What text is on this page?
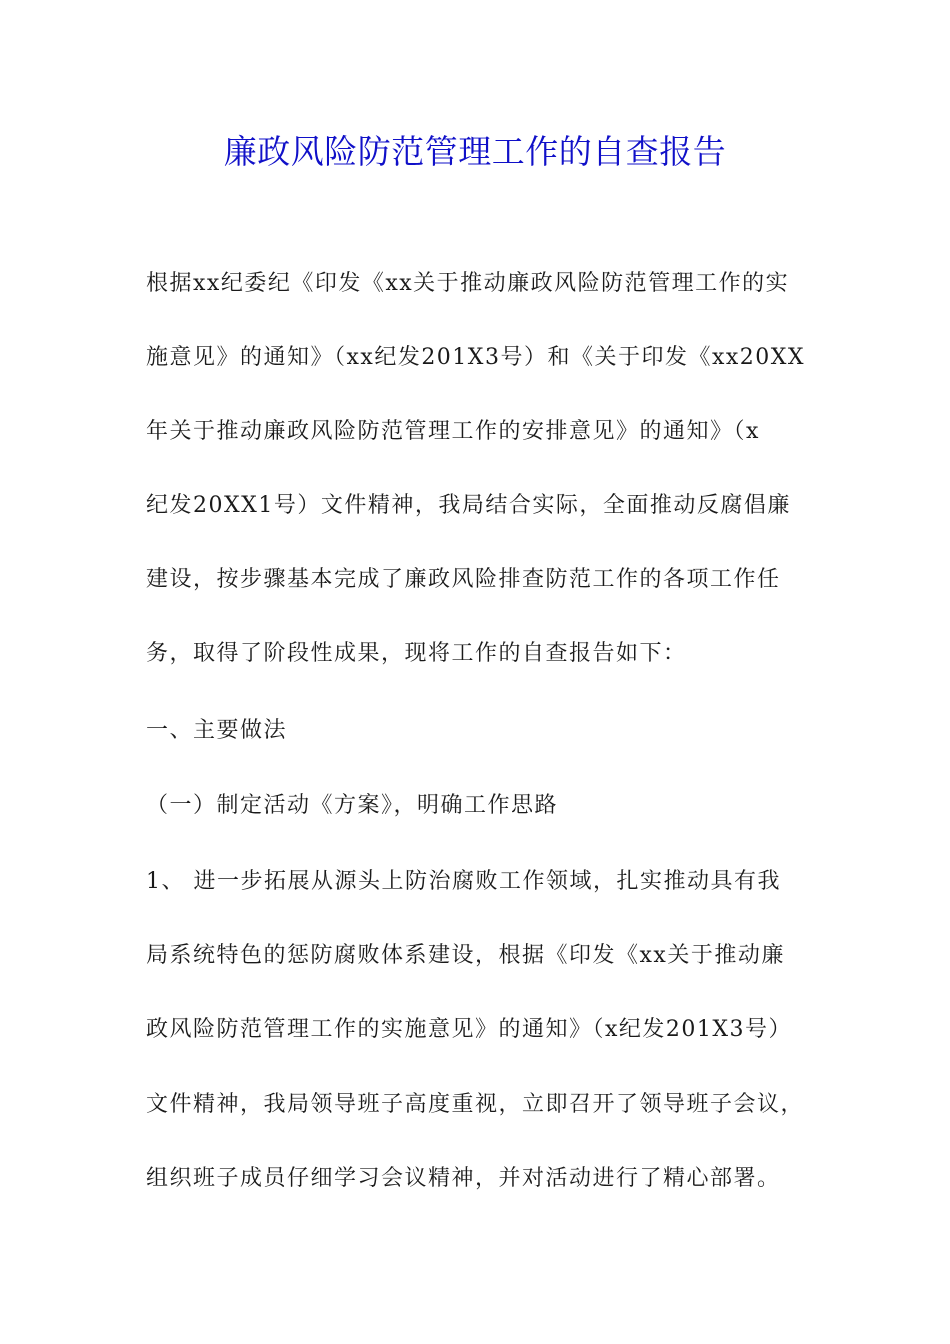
廉政风险防范管理工作的自查报告
根据xx纪委纪《印发《xx关于推动廉政风险防范管理工作的实
施意见》的通知》（xx纪发201X3号）和《关于印发《xx20XX
年关于推动廉政风险防范管理工作的安排意见》的通知》（x
纪发20XX1号）文件精神，我局结合实际，全面推动反腐倡廉
建设，按步骤基本完成了廉政风险排查防范工作的各项工作任
务，取得了阶段性成果，现将工作的自查报告如下：
一、主要做法
（一）制定活动《方案》，明确工作思路
1、 进一步拓展从源头上防治腐败工作领域，扎实推动具有我
局系统特色的惩防腐败体系建设，根据《印发《xx关于推动廉
政风险防范管理工作的实施意见》的通知》（x纪发201X3号）
文件精神，我局领导班子高度重视，立即召开了领导班子会议，
组织班子成员仔细学习会议精神，并对活动进行了精心部署。
